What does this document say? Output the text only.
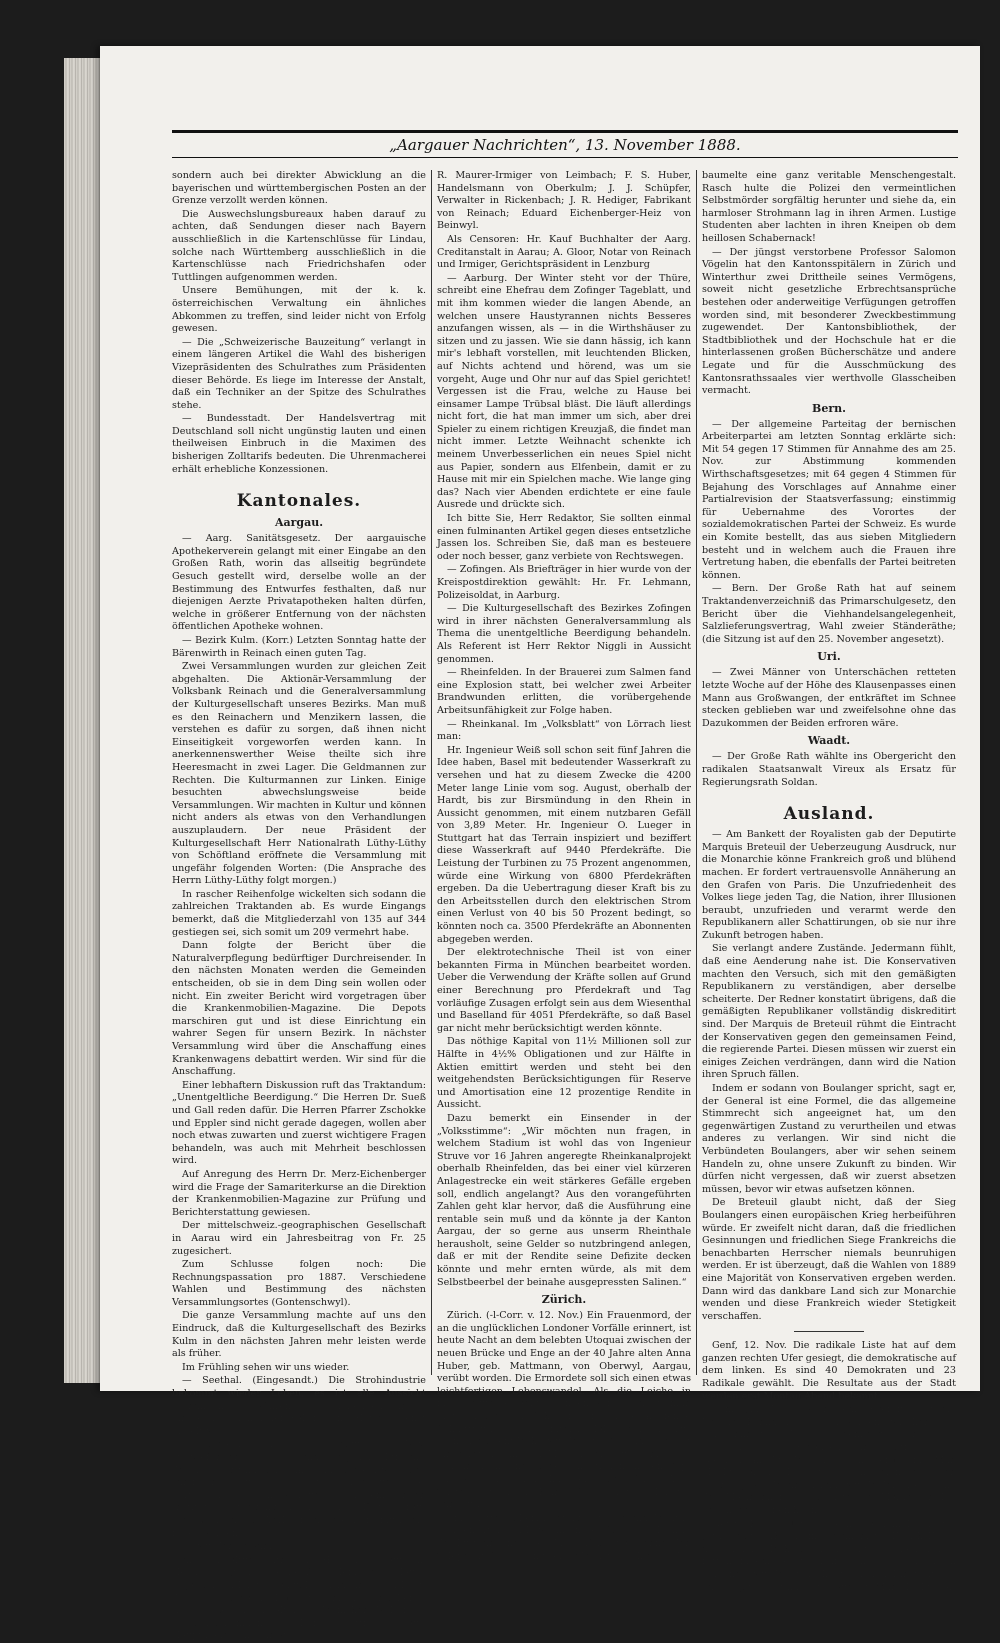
„Aargauer Nachrichten“, 13. November 1888.

sondern auch bei direkter Abwicklung an die bayerischen und württembergischen Posten an der Grenze verzollt werden können.

Die Auswechslungsbureaux haben darauf zu achten, daß Sendungen dieser nach Bayern ausschließlich in die Kartenschlüsse für Lindau, solche nach Württemberg ausschließlich in die Kartenschlüsse nach Friedrichshafen oder Tuttlingen aufgenommen werden.

Unsere Bemühungen, mit der k. k. österreichischen Verwaltung ein ähnliches Abkommen zu treffen, sind leider nicht von Erfolg gewesen.

— Die „Schweizerische Bauzeitung“ verlangt in einem längeren Artikel die Wahl des bisherigen Vizepräsidenten des Schulrathes zum Präsidenten dieser Behörde. Es liege im Interesse der Anstalt, daß ein Techniker an der Spitze des Schulrathes stehe.

— Bundesstadt. Der Handelsvertrag mit Deutschland soll nicht ungünstig lauten und einen theilweisen Einbruch in die Maximen des bisherigen Zolltarifs bedeuten. Die Uhrenmacherei erhält erhebliche Konzessionen.

Kantonales.
Aargau.

— Aarg. Sanitätsgesetz. Der aargauische Apothekerverein gelangt mit einer Eingabe an den Großen Rath, worin das allseitig begründete Gesuch gestellt wird, derselbe wolle an der Bestimmung des Entwurfes festhalten, daß nur diejenigen Aerzte Privatapotheken halten dürfen, welche in größerer Entfernung von der nächsten öffentlichen Apotheke wohnen.

— Bezirk Kulm. (Korr.) Letzten Sonntag hatte der Bärenwirth in Reinach einen guten Tag.

Zwei Versammlungen wurden zur gleichen Zeit abgehalten. Die Aktionär-Versammlung der Volksbank Reinach und die Generalversammlung der Kulturgesellschaft unseres Bezirks. Man muß es den Reinachern und Menzikern lassen, die verstehen es dafür zu sorgen, daß ihnen nicht Einseitigkeit vorgeworfen werden kann. In anerkennenswerther Weise theilte sich ihre Heeresmacht in zwei Lager. Die Geldmannen zur Rechten. Die Kulturmannen zur Linken. Einige besuchten abwechslungsweise beide Versammlungen. Wir machten in Kultur und können nicht anders als etwas von den Verhandlungen auszuplaudern. Der neue Präsident der Kulturgesellschaft Herr Nationalrath Lüthy-Lüthy von Schöftland eröffnete die Versammlung mit ungefähr folgenden Worten: (Die Ansprache des Herrn Lüthy-Lüthy folgt morgen.)

In rascher Reihenfolge wickelten sich sodann die zahlreichen Traktanden ab. Es wurde Eingangs bemerkt, daß die Mitgliederzahl von 135 auf 344 gestiegen sei, sich somit um 209 vermehrt habe.

Dann folgte der Bericht über die Naturalverpflegung bedürftiger Durchreisender. In den nächsten Monaten werden die Gemeinden entscheiden, ob sie in dem Ding sein wollen oder nicht. Ein zweiter Bericht wird vorgetragen über die Krankenmobilien-Magazine. Die Depots marschiren gut und ist diese Einrichtung ein wahrer Segen für unsern Bezirk. In nächster Versammlung wird über die Anschaffung eines Krankenwagens debattirt werden. Wir sind für die Anschaffung.

Einer lebhaftern Diskussion ruft das Traktandum: „Unentgeltliche Beerdigung.“ Die Herren Dr. Sueß und Gall reden dafür. Die Herren Pfarrer Zschokke und Eppler sind nicht gerade dagegen, wollen aber noch etwas zuwarten und zuerst wichtigere Fragen behandeln, was auch mit Mehrheit beschlossen wird.

Auf Anregung des Herrn Dr. Merz-Eichenberger wird die Frage der Samariterkurse an die Direktion der Krankenmobilien-Magazine zur Prüfung und Berichterstattung gewiesen.

Der mittelschweiz.-geographischen Gesellschaft in Aarau wird ein Jahresbeitrag von Fr. 25 zugesichert.

Zum Schlusse folgen noch: Die Rechnungspassation pro 1887. Verschiedene Wahlen und Bestimmung des nächsten Versammlungsortes (Gontenschwyl).

Die ganze Versammlung machte auf uns den Eindruck, daß die Kulturgesellschaft des Bezirks Kulm in den nächsten Jahren mehr leisten werde als früher.

Im Frühling sehen wir uns wieder.

— Seethal. (Eingesandt.) Die Strohindustrie bekommt wieder Leben, es ist alle Aussicht vorhanden, daß während des kommenden Winters ein recht ordentlicher Fabrik- und Hausverdienst erzielt wird.

— Reinach. (Korr. p.) Die heute, 11. Nov. stattgefundene erste Versammlung der Aktionäre der neu gegründeten Volksbank Reinach war sehr zahlreich besucht. Die Sympathien und das Vertrauen, das von Nah und Fern dem jungen Institute entgegengebracht wird, läßt darauf schließen, daß der Verkehr bald nach Eröffnung ein reger werden wird.

Es wurden gewählt:

Als Verwaltungsräthe die Herren J. Gautschi-Hechler (von Reinach), Heinrich Hauri, Cigarrenfabrikant, Samuel Erismann, Fabrikant, diese von Reinach; H. Merz, Gemeindeschreiber, J. Irmiger, Bezirksverwalter von Menziken; N. Burger, Gemeindeammann v. Burg; Gottfried Baur, Hauptmann von Beinwyl;

R. Maurer-Irmiger von Leimbach; F. S. Huber, Handelsmann von Oberkulm; J. J. Schüpfer, Verwalter in Rickenbach; J. R. Hediger, Fabrikant von Reinach; Eduard Eichenberger-Heiz von Beinwyl.

Als Censoren: Hr. Kauf Buchhalter der Aarg. Creditanstalt in Aarau; A. Gloor, Notar von Reinach und Irmiger, Gerichtspräsident in Lenzburg

— Aarburg. Der Winter steht vor der Thüre, schreibt eine Ehefrau dem Zofinger Tageblatt, und mit ihm kommen wieder die langen Abende, an welchen unsere Haustyrannen nichts Besseres anzufangen wissen, als — in die Wirthshäuser zu sitzen und zu jassen. Wie sie dann hässig, ich kann mir's lebhaft vorstellen, mit leuchtenden Blicken, auf Nichts achtend und hörend, was um sie vorgeht, Auge und Ohr nur auf das Spiel gerichtet! Vergessen ist die Frau, welche zu Hause bei einsamer Lampe Trübsal bläst. Die läuft allerdings nicht fort, die hat man immer um sich, aber drei Spieler zu einem richtigen Kreuzjaß, die findet man nicht immer. Letzte Weihnacht schenkte ich meinem Unverbesserlichen ein neues Spiel nicht aus Papier, sondern aus Elfenbein, damit er zu Hause mit mir ein Spielchen mache. Wie lange ging das? Nach vier Abenden erdichtete er eine faule Ausrede und drückte sich.

Ich bitte Sie, Herr Redaktor, Sie sollten einmal einen fulminanten Artikel gegen dieses entsetzliche Jassen los. Schreiben Sie, daß man es besteuere oder noch besser, ganz verbiete von Rechtswegen.

— Zofingen. Als Briefträger in hier wurde von der Kreispostdirektion gewählt: Hr. Fr. Lehmann, Polizeisoldat, in Aarburg.

— Die Kulturgesellschaft des Bezirkes Zofingen wird in ihrer nächsten Generalversammlung als Thema die unentgeltliche Beerdigung behandeln. Als Referent ist Herr Rektor Niggli in Aussicht genommen.

— Rheinfelden. In der Brauerei zum Salmen fand eine Explosion statt, bei welcher zwei Arbeiter Brandwunden erlitten, die vorübergehende Arbeitsunfähigkeit zur Folge haben.

— Rheinkanal. Im „Volksblatt“ von Lörrach liest man:

Hr. Ingenieur Weiß soll schon seit fünf Jahren die Idee haben, Basel mit bedeutender Wasserkraft zu versehen und hat zu diesem Zwecke die 4200 Meter lange Linie vom sog. August, oberhalb der Hardt, bis zur Birsmündung in den Rhein in Aussicht genommen, mit einem nutzbaren Gefäll von 3,89 Meter. Hr. Ingenieur O. Lueger in Stuttgart hat das Terrain inspiziert und beziffert diese Wasserkraft auf 9440 Pferdekräfte. Die Leistung der Turbinen zu 75 Prozent angenommen, würde eine Wirkung von 6800 Pferdekräften ergeben. Da die Uebertragung dieser Kraft bis zu den Arbeitsstellen durch den elektrischen Strom einen Verlust von 40 bis 50 Prozent bedingt, so könnten noch ca. 3500 Pferdekräfte an Abonnenten abgegeben werden.

Der elektrotechnische Theil ist von einer bekannten Firma in München bearbeitet worden. Ueber die Verwendung der Kräfte sollen auf Grund einer Berechnung pro Pferdekraft und Tag vorläufige Zusagen erfolgt sein aus dem Wiesenthal und Baselland für 4051 Pferdekräfte, so daß Basel gar nicht mehr berücksichtigt werden könnte.

Das nöthige Kapital von 11½ Millionen soll zur Hälfte in 4½% Obligationen und zur Hälfte in Aktien emittirt werden und steht bei den weitgehendsten Berücksichtigungen für Reserve und Amortisation eine 12 prozentige Rendite in Aussicht.

Dazu bemerkt ein Einsender in der „Volksstimme“: „Wir möchten nun fragen, in welchem Stadium ist wohl das von Ingenieur Struve vor 16 Jahren angeregte Rheinkanalprojekt oberhalb Rheinfelden, das bei einer viel kürzeren Anlagestrecke ein weit stärkeres Gefälle ergeben soll, endlich angelangt? Aus den vorangeführten Zahlen geht klar hervor, daß die Ausführung eine rentable sein muß und da könnte ja der Kanton Aargau, der so gerne aus unserm Rheinthale herausholt, seine Gelder so nutzbringend anlegen, daß er mit der Rendite seine Defizite decken könnte und mehr ernten würde, als mit dem Selbstbeerbel der beinahe ausgepressten Salinen.“

Zürich.

Zürich. (-l-Corr. v. 12. Nov.) Ein Frauenmord, der an die unglücklichen Londoner Vorfälle erinnert, ist heute Nacht an dem belebten Utoquai zwischen der neuen Brücke und Enge an der 40 Jahre alten Anna Huber, geb. Mattmann, von Oberwyl, Aargau, verübt worden. Die Ermordete soll sich einen etwas leichtfertigen Lebenswandel. Als die Leiche in ihrem Blute getränkt gefunden wurde, glaubte man erst an ein Unglück, bis die große klaffende Schnittwunde vom hintern Halswirbel bis zur Mundhöhle entdeckt wurde. Der Tod muß sofort eingetreten sein. Der Mörder versetzte dem Opfer sodann noch eine Reihe von Stichen in den Kopf und warf die Leiche hart an's Seegeländer. Vom Thäter ist noch keine Spur trotz lebhafter Fahndung.

Eine nette Ueberraschung bot sich am Montag Morgen früh den Bewohnern des Seequai. Hoch in der Luft, an einem der das schöne Quai trennenden Telephonträgern, ein wahres Monstrum, hing und

baumelte eine ganz veritable Menschengestalt. Rasch hulte die Polizei den vermeintlichen Selbstmörder sorgfältig herunter und siehe da, ein harmloser Strohmann lag in ihren Armen. Lustige Studenten aber lachten in ihren Kneipen ob dem heillosen Schabernack!

— Der jüngst verstorbene Professor Salomon Vögelin hat den Kantonsspitälern in Zürich und Winterthur zwei Drittheile seines Vermögens, soweit nicht gesetzliche Erbrechtsansprüche bestehen oder anderweitige Verfügungen getroffen worden sind, mit besonderer Zweckbestimmung zugewendet. Der Kantonsbibliothek, der Stadtbibliothek und der Hochschule hat er die hinterlassenen großen Bücherschätze und andere Legate und für die Ausschmückung des Kantonsrathssaales vier werthvolle Glasscheiben vermacht.

Bern.

— Der allgemeine Parteitag der bernischen Arbeiterpartei am letzten Sonntag erklärte sich: Mit 54 gegen 17 Stimmen für Annahme des am 25. Nov. zur Abstimmung kommenden Wirthschaftsgesetzes; mit 64 gegen 4 Stimmen für Bejahung des Vorschlages auf Annahme einer Partialrevision der Staatsverfassung; einstimmig für Uebernahme des Vorortes der sozialdemokratischen Partei der Schweiz. Es wurde ein Komite bestellt, das aus sieben Mitgliedern besteht und in welchem auch die Frauen ihre Vertretung haben, die ebenfalls der Partei beitreten können.

— Bern. Der Große Rath hat auf seinem Traktandenverzeichniß das Primarschulgesetz, den Bericht über die Viehhandelsangelegenheit, Salzlieferungsvertrag, Wahl zweier Ständeräthe; (die Sitzung ist auf den 25. November angesetzt).

Uri.

— Zwei Männer von Unterschächen retteten letzte Woche auf der Höhe des Klausenpasses einen Mann aus Großwangen, der entkräftet im Schnee stecken geblieben war und zweifelsohne ohne das Dazukommen der Beiden erfroren wäre.

Waadt.

— Der Große Rath wählte ins Obergericht den radikalen Staatsanwalt Vireux als Ersatz für Regierungsrath Soldan.

Ausland.

— Am Bankett der Royalisten gab der Deputirte Marquis Breteuil der Ueberzeugung Ausdruck, nur die Monarchie könne Frankreich groß und blühend machen. Er fordert vertrauensvolle Annäherung an den Grafen von Paris. Die Unzufriedenheit des Volkes liege jeden Tag, die Nation, ihrer Illusionen beraubt, unzufrieden und verarmt werde den Republikanern aller Schattirungen, ob sie nur ihre Zukunft betrogen haben.

Sie verlangt andere Zustände. Jedermann fühlt, daß eine Aenderung nahe ist. Die Konservativen machten den Versuch, sich mit den gemäßigten Republikanern zu verständigen, aber derselbe scheiterte. Der Redner konstatirt übrigens, daß die gemäßigten Republikaner vollständig diskreditirt sind. Der Marquis de Breteuil rühmt die Eintracht der Konservativen gegen den gemeinsamen Feind, die regierende Partei. Diesen müssen wir zuerst ein einiges Zeichen verdrängen, dann wird die Nation ihren Spruch fällen.

Indem er sodann von Boulanger spricht, sagt er, der General ist eine Formel, die das allgemeine Stimmrecht sich angeeignet hat, um den gegenwärtigen Zustand zu verurtheilen und etwas anderes zu verlangen. Wir sind nicht die Verbündeten Boulangers, aber wir sehen seinem Handeln zu, ohne unsere Zukunft zu binden. Wir dürfen nicht vergessen, daß wir zuerst absetzen müssen, bevor wir etwas aufsetzen können.

De Breteuil glaubt nicht, daß der Sieg Boulangers einen europäischen Krieg herbeiführen würde. Er zweifelt nicht daran, daß die friedlichen Gesinnungen und friedlichen Siege Frankreichs die benachbarten Herrscher niemals beunruhigen werden. Er ist überzeugt, daß die Wahlen von 1889 eine Majorität von Konservativen ergeben werden. Dann wird das dankbare Land sich zur Monarchie wenden und diese Frankreich wieder Stetigkeit verschaffen.

Genf, 12. Nov. Die radikale Liste hat auf dem ganzen rechten Ufer gesiegt, die demokratische auf dem linken. Es sind 40 Demokraten und 23 Radikale gewählt. Die Resultate aus der Stadt werden erst Montag Abend bekannt.

Rom. (11. Nov.) Nach dem „Esercito“ ist ein Uebereinkommen getroffen worden zwischen dem Kriegsminister, dem Marineminister und dem Minister der Finanzen in Betreff der Nachtragskredite des Krieges und der Marine. Man glaubt, daß das Budget vor den Weihnachtsferien vorgelegt werde, andernfalls würde der Kriegs- und der Marineminister die nöthigen Maßregeln bei gegenüber treffen können.

Newyork, 11. Nov. Gestern brach in Rochester (Staat Newyork) in einer Manometer-Fabrik Feuer aus. In der Fabrik Beschäftigten versuchten sich zu retten, indem sie durch die Fenster sprangen. 12 Personen wurden jedoch durch den Einsturz der Fabrik getödtet und 20 verwundet. Man glaubt, daß
